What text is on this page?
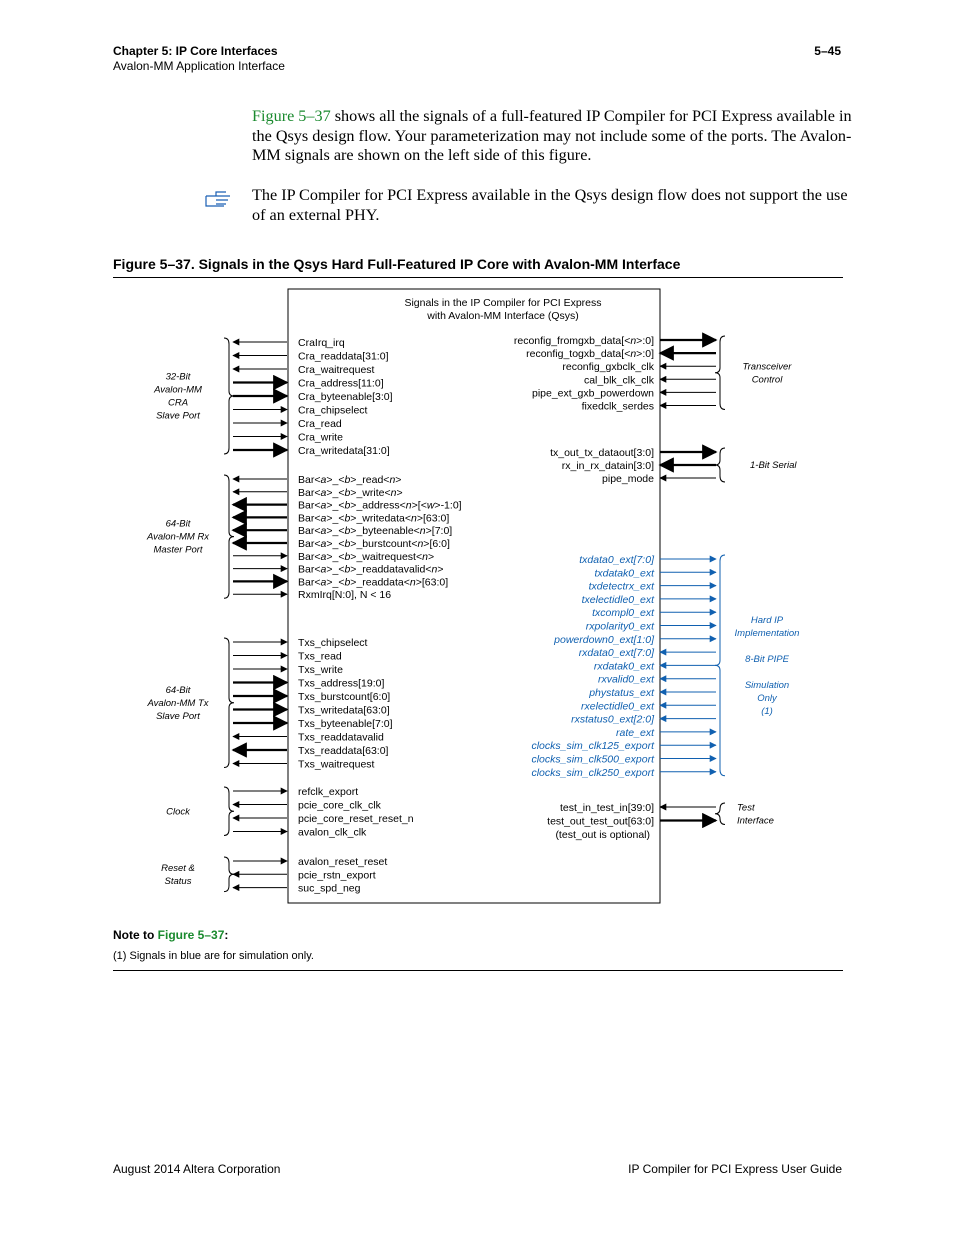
Chapter 5: IP Core Interfaces
Avalon-MM Application Interface
5–45
Figure 5–37 shows all the signals of a full-featured IP Compiler for PCI Express available in the Qsys design flow. Your parameterization may not include some of the ports. The Avalon-MM signals are shown on the left side of this figure.
The IP Compiler for PCI Express available in the Qsys design flow does not support the use of an external PHY.
Figure 5–37. Signals in the Qsys Hard Full-Featured IP Core with Avalon-MM Interface
Signals in the IP Compiler for PCI Express
with Avalon-MM Interface (Qsys)
CraIrq_irq
Cra_readdata[31:0]
Cra_waitrequest
Cra_address[11:0]
Cra_byteenable[3:0]
Cra_chipselect
Cra_read
Cra_write
Cra_writedata[31:0]
32-Bit
Avalon-MM
CRA
Slave Port
Bar<a>_<b>_read<n>
Bar<a>_<b>_write<n>
Bar<a>_<b>_address<n>[<w>-1:0]
Bar<a>_<b>_writedata<n>[63:0]
Bar<a>_<b>_byteenable<n>[7:0]
Bar<a>_<b>_burstcount<n>[6:0]
Bar<a>_<b>_waitrequest<n>
Bar<a>_<b>_readdatavalid<n>
Bar<a>_<b>_readdata<n>[63:0]
RxmIrq[N:0], N < 16
64-Bit
Avalon-MM Rx
Master Port
Txs_chipselect
Txs_read
Txs_write
Txs_address[19:0]
Txs_burstcount[6:0]
Txs_writedata[63:0]
Txs_byteenable[7:0]
Txs_readdatavalid
Txs_readdata[63:0]
Txs_waitrequest
64-Bit
Avalon-MM Tx
Slave Port
refclk_export
pcie_core_clk_clk
pcie_core_reset_reset_n
avalon_clk_clk
Clock
avalon_reset_reset
pcie_rstn_export
suc_spd_neg
Reset &
Status
reconfig_fromgxb_data[<n>:0]
reconfig_togxb_data[<n>:0]
reconfig_gxbclk_clk
cal_blk_clk_clk
pipe_ext_gxb_powerdown
fixedclk_serdes
Transceiver
Control
tx_out_tx_dataout[3:0]
rx_in_rx_datain[3:0]
pipe_mode
1-Bit Serial
txdata0_ext[7:0]
txdatak0_ext
txdetectrx_ext
txelectidle0_ext
txcompl0_ext
rxpolarity0_ext
powerdown0_ext[1:0]
rxdata0_ext[7:0]
rxdatak0_ext
rxvalid0_ext
phystatus_ext
rxelectidle0_ext
rxstatus0_ext[2:0]
rate_ext
clocks_sim_clk125_export
clocks_sim_clk500_export
clocks_sim_clk250_export
Hard IP
Implementation
8-Bit PIPE
Simulation
Only
(1)
test_in_test_in[39:0]
test_out_test_out[63:0]
(test_out is optional)
Test
Interface
Note to Figure 5–37:
(1) Signals in blue are for simulation only.
August 2014 Altera Corporation	IP Compiler for PCI Express User Guide
